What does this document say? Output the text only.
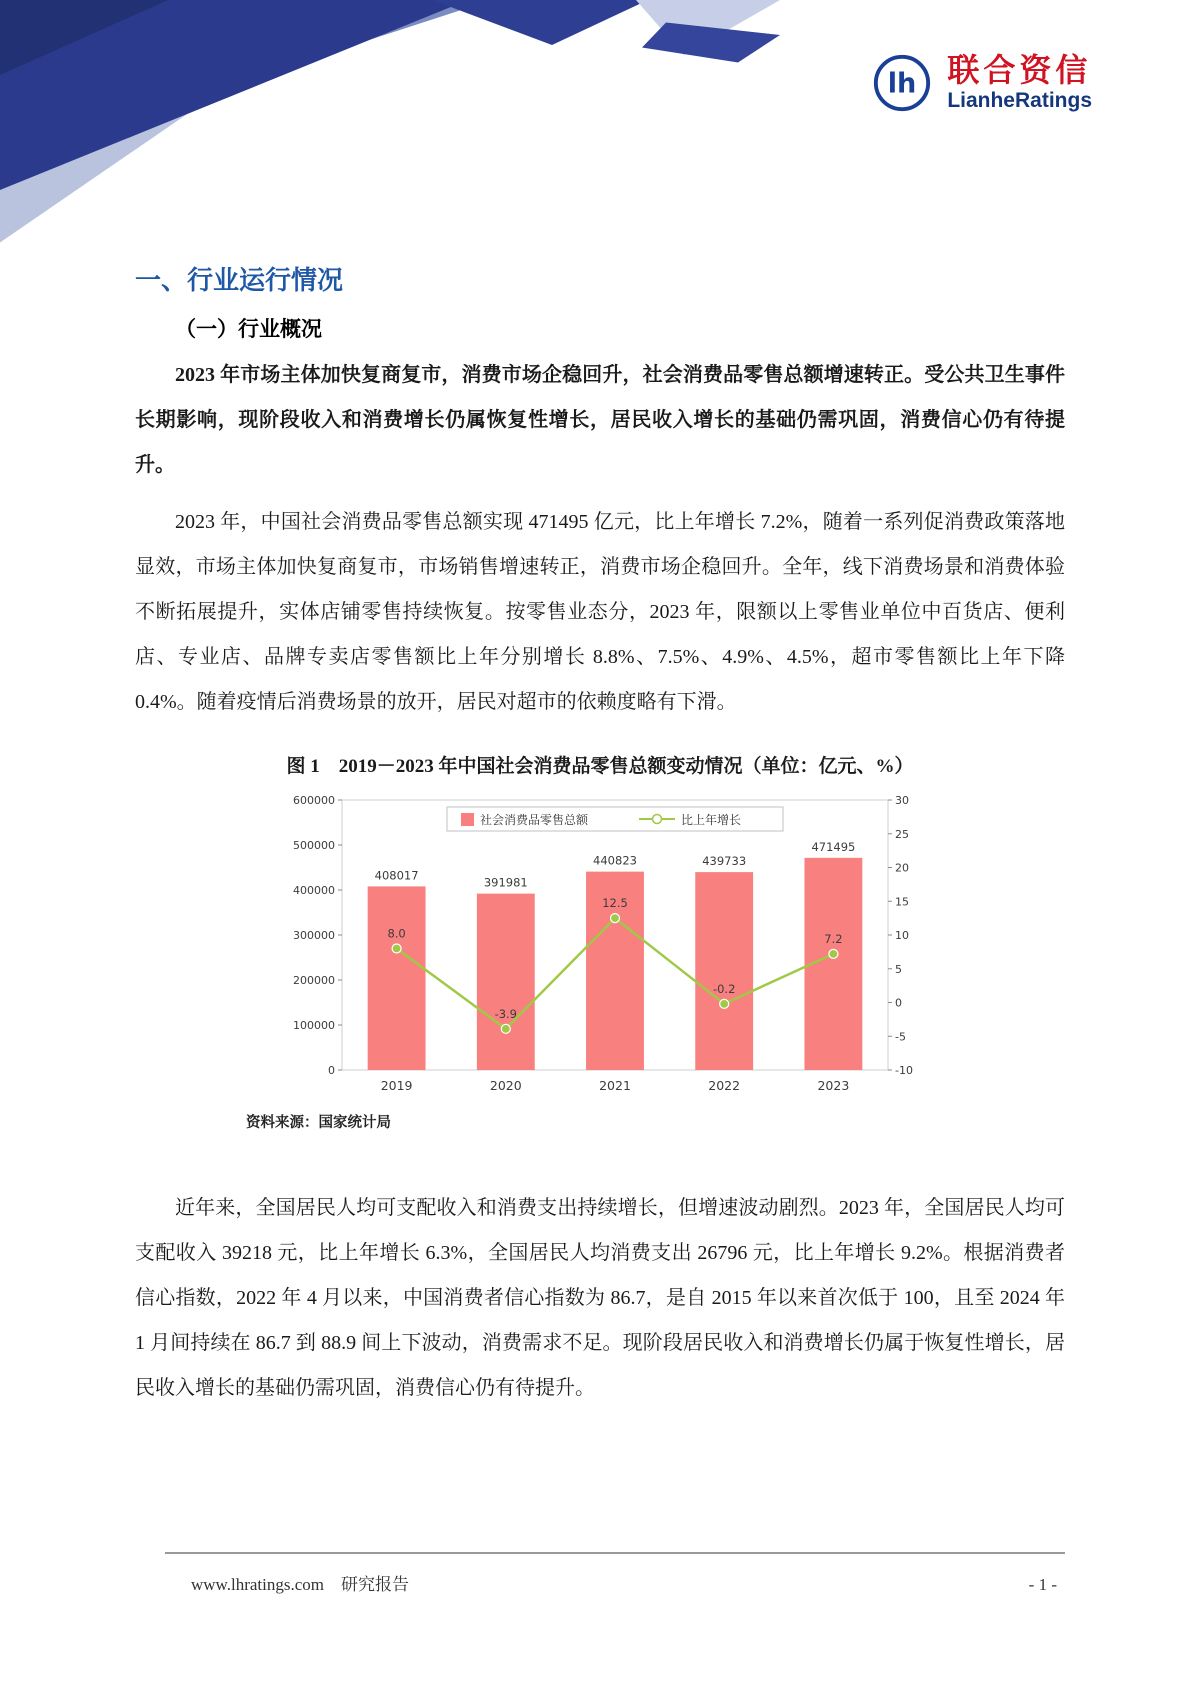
lh 联合资信
LianheRatings
一、行业运行情况
（一）行业概况

2023 年市场主体加快复商复市，消费市场企稳回升，社会消费品零售总额增速转正。受公共卫生事件长期影响，现阶段收入和消费增长仍属恢复性增长，居民收入增长的基础仍需巩固，消费信心仍有待提升。

2023 年，中国社会消费品零售总额实现 471495 亿元，比上年增长 7.2%，随着一系列促消费政策落地显效，市场主体加快复商复市，市场销售增速转正，消费市场企稳回升。全年，线下消费场景和消费体验不断拓展提升，实体店铺零售持续恢复。按零售业态分，2023 年，限额以上零售业单位中百货店、便利店、专业店、品牌专卖店零售额比上年分别增长 8.8%、7.5%、4.9%、4.5%，超市零售额比上年下降 0.4%。随着疫情后消费场景的放开，居民对超市的依赖度略有下滑。

图 1　2019－2023 年中国社会消费品零售总额变动情况（单位：亿元、%）
0
100000
200000
300000
400000
500000
600000
-10
-5
0
5
10
15
20
25
30
2019	2020	2021	2022	2023
408017
391981
440823	439733
471495
8.0
-3.9
12.5
-0.2
7.2
社会消费品零售总额	比上年增长
资料来源：国家统计局

近年来，全国居民人均可支配收入和消费支出持续增长，但增速波动剧烈。2023 年，全国居民人均可支配收入 39218 元，比上年增长 6.3%，全国居民人均消费支出 26796 元，比上年增长 9.2%。根据消费者信心指数，2022 年 4 月以来，中国消费者信心指数为 86.7，是自 2015 年以来首次低于 100，且至 2024 年 1 月间持续在 86.7 到 88.9 间上下波动，消费需求不足。现阶段居民收入和消费增长仍属于恢复性增长，居民收入增长的基础仍需巩固，消费信心仍有待提升。

www.lhratings.com　研究报告	- 1 -
